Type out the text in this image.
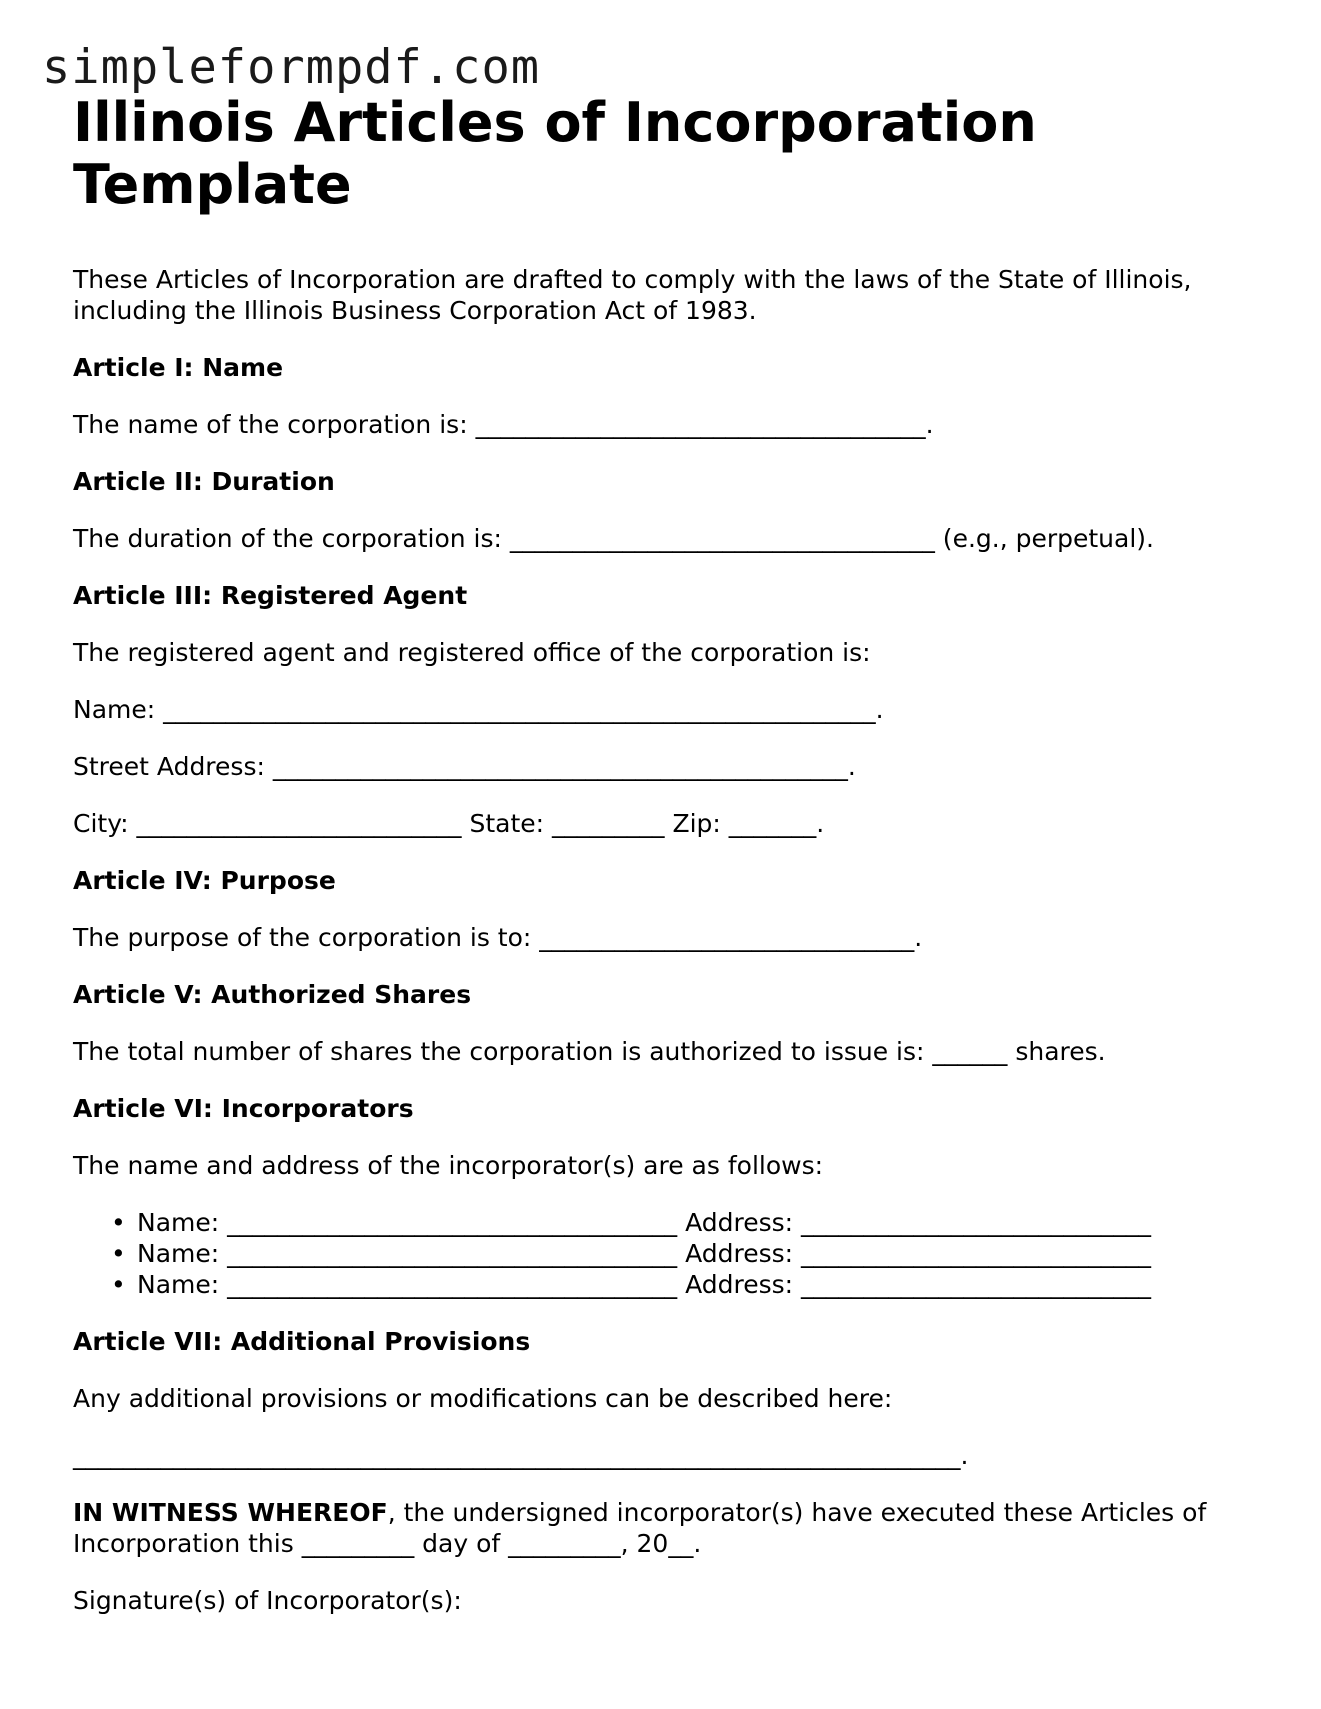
simpleformpdf.com
Illinois Articles of Incorporation Template

These Articles of Incorporation are drafted to comply with the laws of the State of Illinois, including the Illinois Business Corporation Act of 1983.

Article I: Name

The name of the corporation is: ____________________________________.

Article II: Duration

The duration of the corporation is: __________________________________ (e.g., perpetual).

Article III: Registered Agent

The registered agent and registered office of the corporation is:

Name: _________________________________________________________.

Street Address: ______________________________________________.

City: __________________________ State: _________ Zip: _______.

Article IV: Purpose

The purpose of the corporation is to: ______________________________.

Article V: Authorized Shares

The total number of shares the corporation is authorized to issue is: ______ shares.

Article VI: Incorporators

The name and address of the incorporator(s) are as follows:

• Name: ____________________________________ Address: ____________________________
• Name: ____________________________________ Address: ____________________________
• Name: ____________________________________ Address: ____________________________
Article VII: Additional Provisions

Any additional provisions or modifications can be described here:

_______________________________________________________________________.

IN WITNESS WHEREOF, the undersigned incorporator(s) have executed these Articles of Incorporation this _________ day of _________, 20__.

Signature(s) of Incorporator(s):
